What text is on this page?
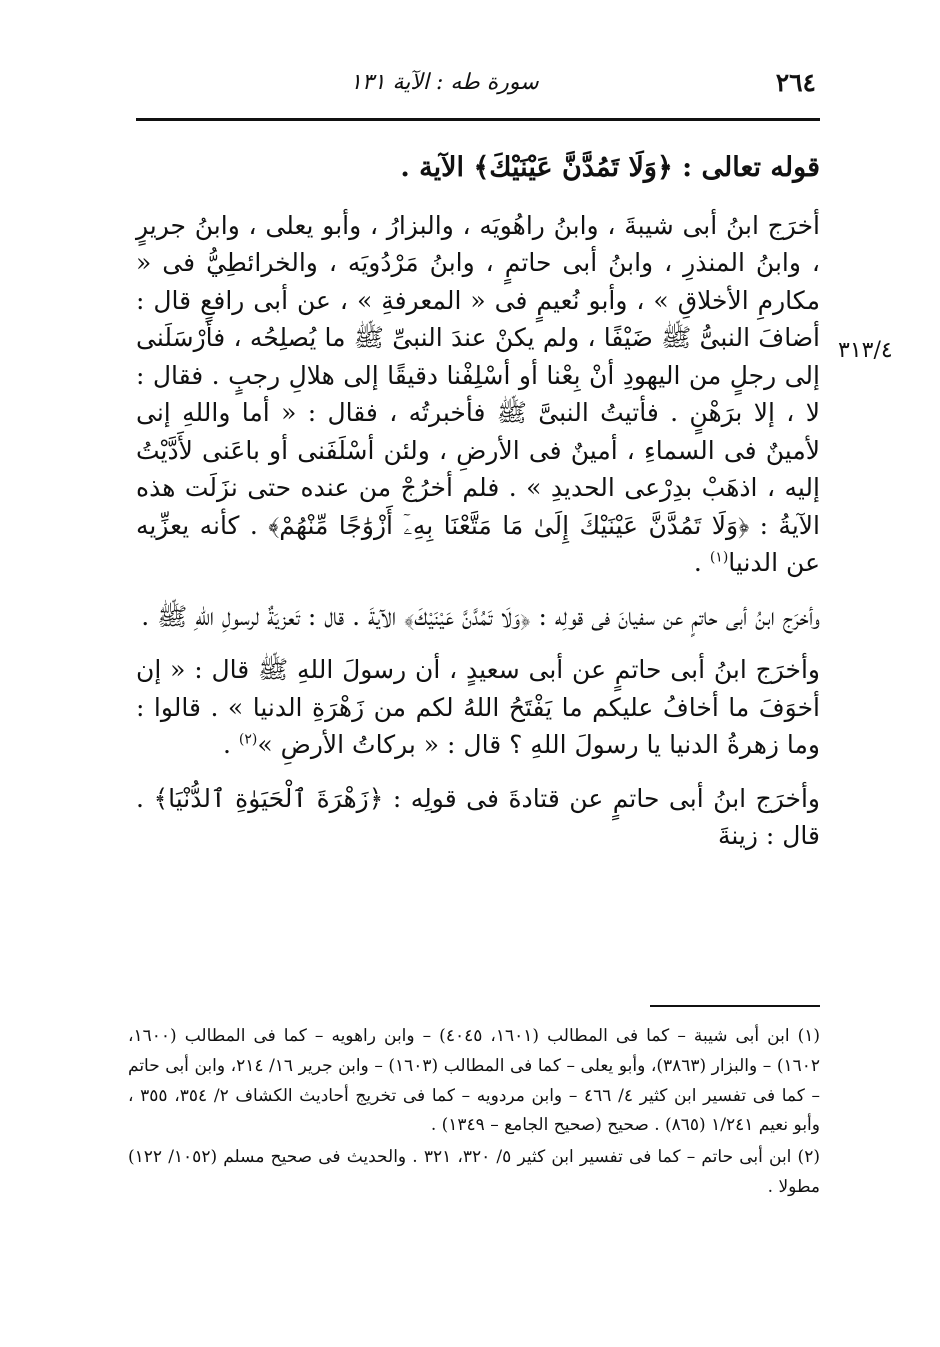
٢٦٤
سورة طه : الآية ١٣١
٣١٣/٤

قوله تعالى : ﴿وَلَا تَمُدَّنَّ عَيْنَيْكَ﴾ الآية .

أخرَج ابنُ أبى شيبةَ ، وابنُ راهُويَه ، والبزارُ ، وأبو يعلى ، وابنُ جريرٍ ، وابنُ المنذرِ ، وابنُ أبى حاتمٍ ، وابنُ مَرْدُويَه ، والخرائطِيُّ فى « مكارمِ الأخلاقِ » ، وأبو نُعيمٍ فى « المعرفةِ » ، عن أبى رافعٍ قال : أضافَ النبىُّ ﷺ ضَيْفًا ، ولم يكنْ عندَ النبىِّ ﷺ ما يُصلِحُه ، فأرْسَلَنى إلى رجلٍ من اليهودِ أنْ بِعْنا أو أسْلِفْنا دقيقًا إلى هلالِ رجبٍ . فقال : لا ، إلا برَهْنٍ . فأتيتُ النبىَّ ﷺ فأخبرتُه ، فقال : « أما واللهِ إنى لأمينٌ فى السماءِ ، أمينٌ فى الأرضِ ، ولئن أسْلَفَنى أو باعَنى لأَدَّيْتُ إليه ، اذهَبْ بدِرْعى الحديدِ » . فلم أخرُجْ من عنده حتى نزَلَت هذه الآيةُ : ﴿وَلَا تَمُدَّنَّ عَيْنَيْكَ إِلَىٰ مَا مَتَّعْنَا بِهِۦٓ أَزْوَٰجًا مِّنْهُمْ﴾ . كأنه يعزِّيه عن الدنيا$^{(١)}$ .

وأخرَج ابنُ أبى حاتمٍ عن سفيانَ فى قولِه : ﴿وَلَا تَمُدَّنَّ عَيْنَيْكَ﴾ الآيةَ . قال : تَعزيَةٌ لرسولِ اللهِ ﷺ .

وأخرَج ابنُ أبى حاتمٍ عن أبى سعيدٍ ، أن رسولَ اللهِ ﷺ قال : « إن أخوَفَ ما أخافُ عليكم ما يَفْتَحُ اللهُ لكم من زَهْرَةِ الدنيا » . قالوا : وما زهرةُ الدنيا يا رسولَ اللهِ ؟ قال : « بركاتُ الأرضِ »$^{(٢)}$ .

وأخرَج ابنُ أبى حاتمٍ عن قتادةَ فى قولِه : ﴿زَهْرَةَ ٱلْحَيَوٰةِ ٱلدُّنْيَا﴾ . قال : زينةَ

(١) ابن أبى شيبة – كما فى المطالب (١٦٠١، ٤٠٤٥) – وابن راهويه – كما فى المطالب (١٦٠٠، ١٦٠٢) – والبزار (٣٨٦٣)، وأبو يعلى – كما فى المطالب (١٦٠٣) – وابن جرير ١٦/ ٢١٤، وابن أبى حاتم – كما فى تفسير ابن كثير ٤/ ٤٦٦ – وابن مردويه – كما فى تخريج أحاديث الكشاف ٢/ ٣٥٤، ٣٥٥ ، وأبو نعيم ١/٢٤١ (٨٦٥) . صحيح (صحيح الجامع – ١٣٤٩) .

(٢) ابن أبى حاتم – كما فى تفسير ابن كثير ٥/ ٣٢٠، ٣٢١ . والحديث فى صحيح مسلم (١٠٥٢/ ١٢٢) مطولا .
